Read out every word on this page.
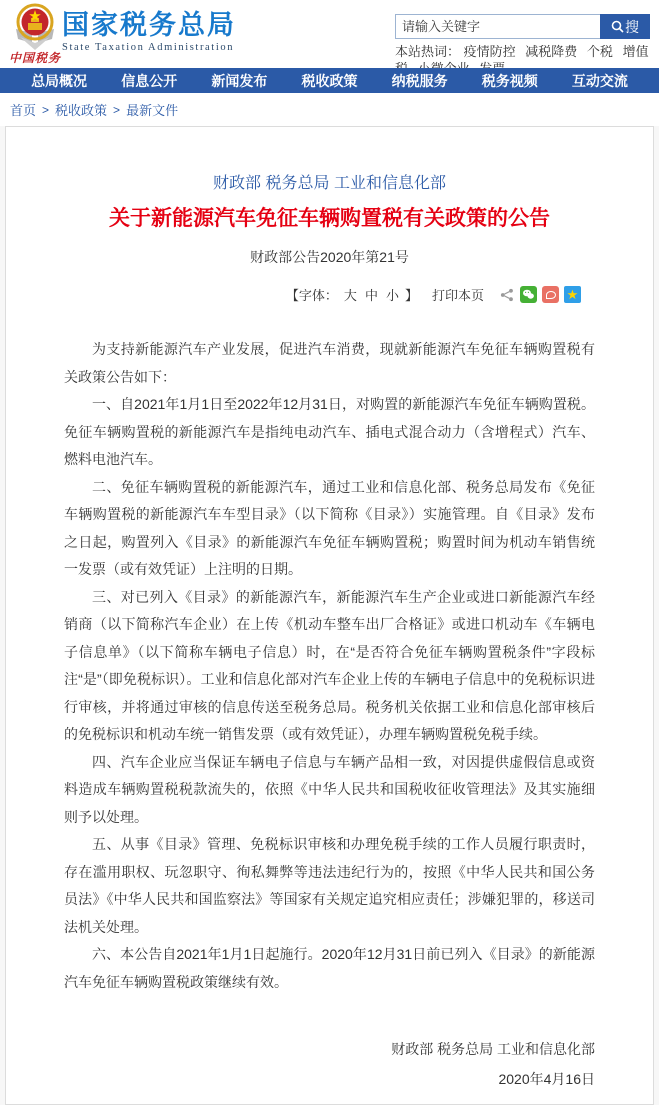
中国税务
国家税务总局
State Taxation Administration
请输入关键字
搜
本站热词： 疫情防控 减税降费 个税 增值
总局概况 信息公开 新闻发布 税收政策 纳税服务 税务视频 互动交流
首页 > 税收政策 > 最新文件
财政部 税务总局 工业和信息化部
关于新能源汽车免征车辆购置税有关政策的公告
财政部公告2020年第21号
【字体： 大 中 小 】 打印本页	★

为支持新能源汽车产业发展，促进汽车消费，现就新能源汽车免征车辆购置税有关政策公告如下：

一、自2021年1月1日至2022年12月31日，对购置的新能源汽车免征车辆购置税。免征车辆购置税的新能源汽车是指纯电动汽车、插电式混合动力（含增程式）汽车、燃料电池汽车。

二、免征车辆购置税的新能源汽车，通过工业和信息化部、税务总局发布《免征车辆购置税的新能源汽车车型目录》（以下简称《目录》）实施管理。自《目录》发布之日起，购置列入《目录》的新能源汽车免征车辆购置税；购置时间为机动车销售统一发票（或有效凭证）上注明的日期。

三、对已列入《目录》的新能源汽车，新能源汽车生产企业或进口新能源汽车经销商（以下简称汽车企业）在上传《机动车整车出厂合格证》或进口机动车《车辆电子信息单》（以下简称车辆电子信息）时，在“是否符合免征车辆购置税条件”字段标注“是”（即免税标识）。工业和信息化部对汽车企业上传的车辆电子信息中的免税标识进行审核，并将通过审核的信息传送至税务总局。税务机关依据工业和信息化部审核后的免税标识和机动车统一销售发票（或有效凭证），办理车辆购置税免税手续。

四、汽车企业应当保证车辆电子信息与车辆产品相一致，对因提供虚假信息或资料造成车辆购置税税款流失的，依照《中华人民共和国税收征收管理法》及其实施细则予以处理。

五、从事《目录》管理、免税标识审核和办理免税手续的工作人员履行职责时，存在滥用职权、玩忽职守、徇私舞弊等违法违纪行为的，按照《中华人民共和国公务员法》《中华人民共和国监察法》等国家有关规定追究相应责任；涉嫌犯罪的，移送司法机关处理。

六、本公告自2021年1月1日起施行。2020年12月31日前已列入《目录》的新能源汽车免征车辆购置税政策继续有效。

财政部 税务总局 工业和信息化部
2020年4月16日
